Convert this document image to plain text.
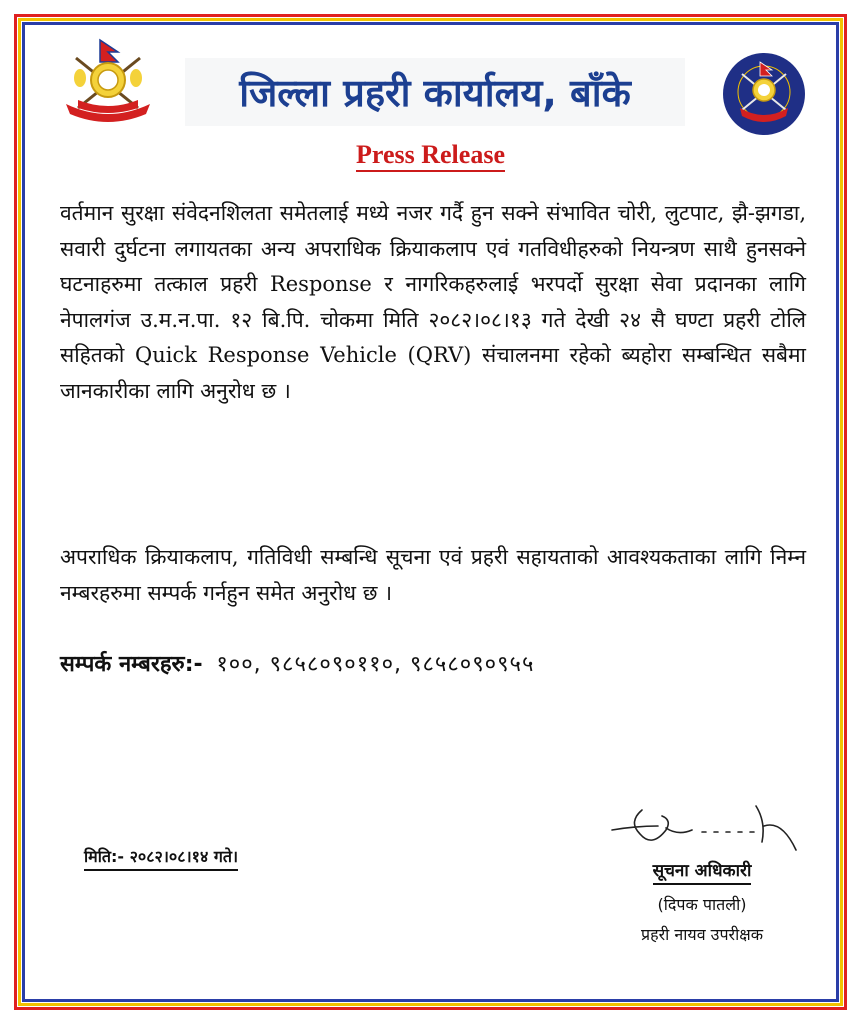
जिल्ला प्रहरी कार्यालय, बाँके
Press Release
वर्तमान सुरक्षा संवेदनशिलता समेतलाई मध्ये नजर गर्दै हुन सक्ने संभावित चोरी, लुटपाट, झै-झगडा, सवारी दुर्घटना लगायतका अन्य अपराधिक क्रियाकलाप एवं गतविधीहरुको नियन्त्रण साथै हुनसक्ने घटनाहरुमा तत्काल प्रहरी Response र नागरिकहरुलाई भरपर्दो सुरक्षा सेवा प्रदानका लागि नेपालगंज उ.म.न.पा. १२ बि.पि. चोकमा मिति २०८२।०८।१३ गते देखी २४ सै घण्टा प्रहरी टोलि सहितको Quick Response Vehicle (QRV) संचालनमा रहेको ब्यहोरा सम्बन्धित सबैमा जानकारीका लागि अनुरोध छ ।
अपराधिक क्रियाकलाप, गतिविधी सम्बन्धि सूचना एवं प्रहरी सहायताको आवश्यकताका लागि निम्न नम्बरहरुमा सम्पर्क गर्नहुन समेत अनुरोध छ ।
सम्पर्क नम्बरहरु:- १००, ९८५८०९०११०, ९८५८०९०९५५
मिति:- २०८२।०८।१४ गते।
सूचना अधिकारी
(दिपक पातली)
प्रहरी नायव उपरीक्षक
